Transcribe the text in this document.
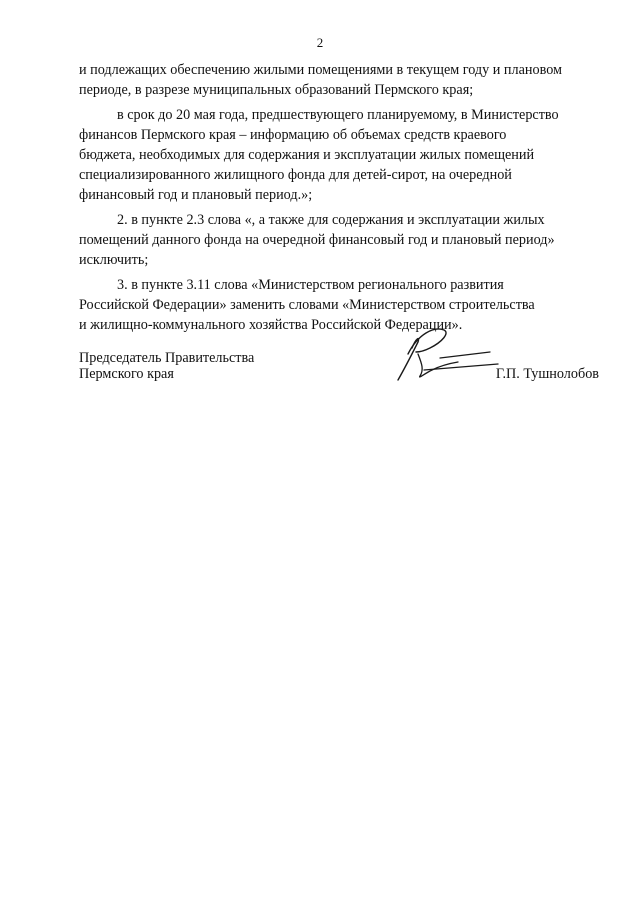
2

и подлежащих обеспечению жилыми помещениями в текущем году и плановом
периоде, в разрезе муниципальных образований Пермского края;

в срок до 20 мая года, предшествующего планируемому, в Министерство
финансов Пермского края – информацию об объемах средств краевого
бюджета, необходимых для содержания и эксплуатации жилых помещений
специализированного жилищного фонда для детей-сирот, на очередной
финансовый год и плановый период.»;

2. в пункте 2.3 слова «, а также для содержания и эксплуатации жилых
помещений данного фонда на очередной финансовый год и плановый период»
исключить;

3. в пункте 3.11 слова «Министерством регионального развития
Российской Федерации» заменить словами «Министерством строительства
и жилищно-коммунального хозяйства Российской Федерации».

Председатель Правительства
Пермского края	Г.П. Тушнолобов
